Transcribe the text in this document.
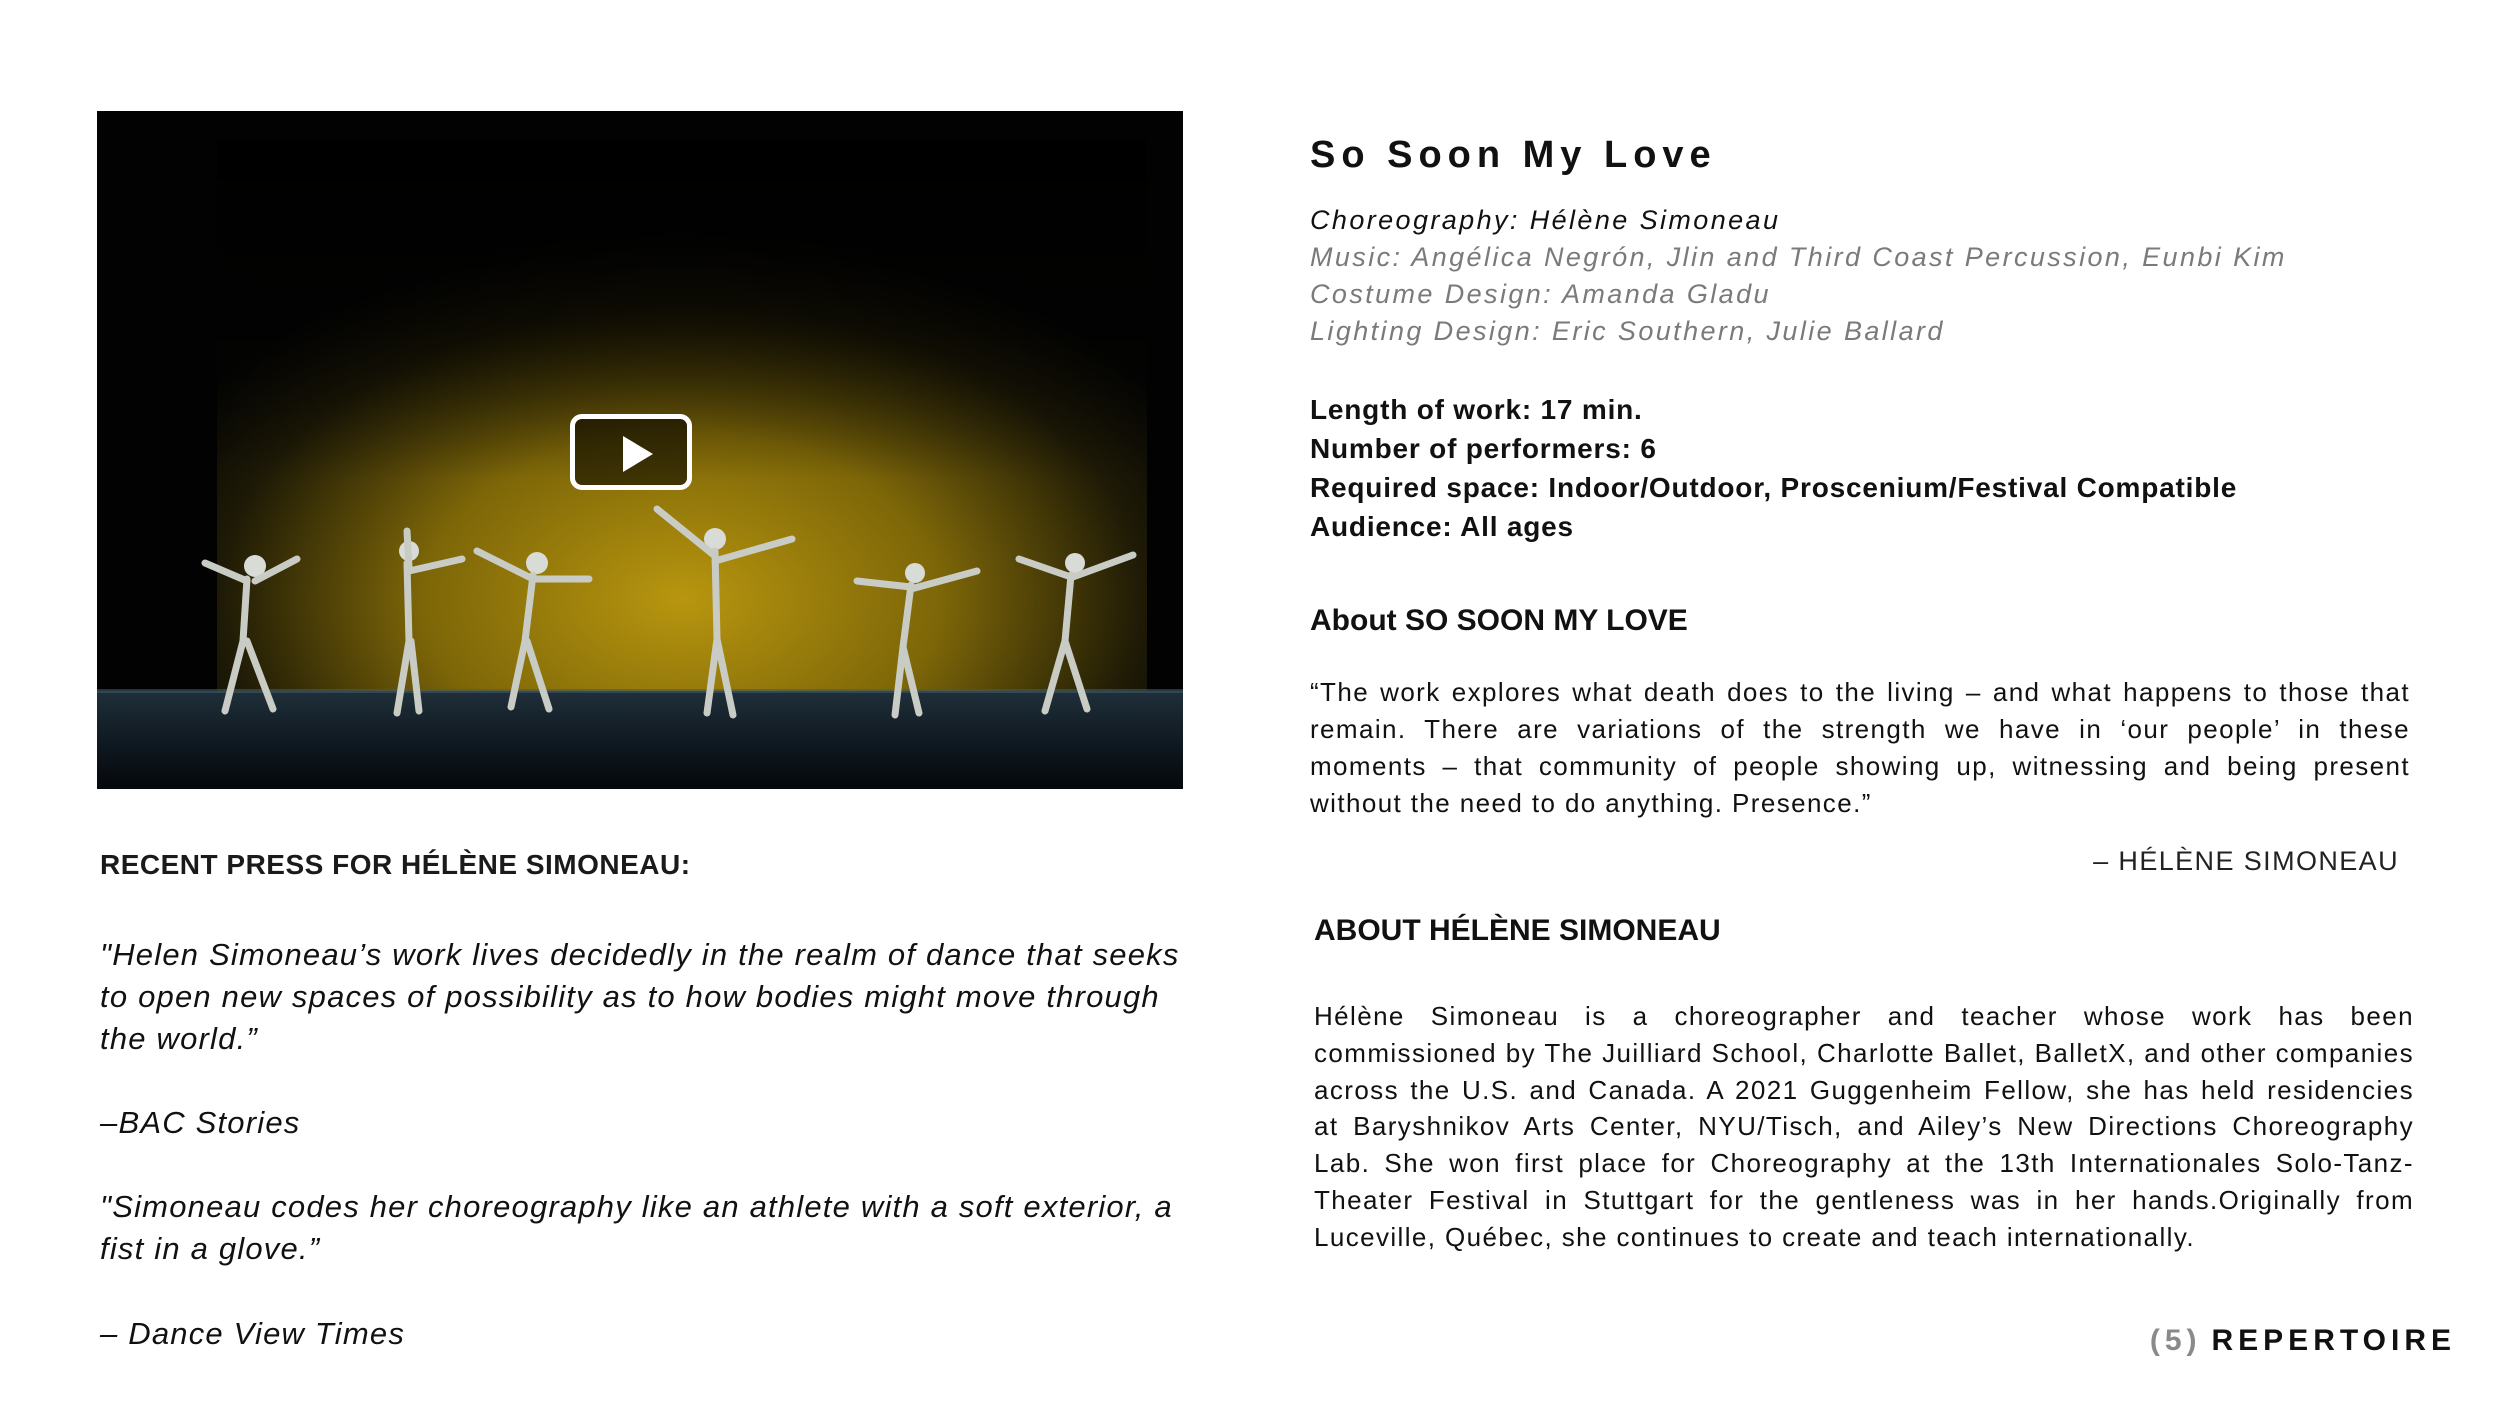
RECENT PRESS FOR HÉLÈNE SIMONEAU:
"Helen Simoneau’s work lives decidedly in the realm of dance that seeks to open new spaces of possibility as to how bodies might move through the world.”
–BAC Stories
"Simoneau codes her choreography like an athlete with a soft exterior, a fist in a glove.”
– Dance View Times
So Soon My Love
Choreography: Hélène Simoneau
Music: Angélica Negrón, Jlin and Third Coast Percussion, Eunbi Kim
Costume Design: Amanda Gladu
Lighting Design: Eric Southern, Julie Ballard
Length of work: 17 min.
Number of performers: 6
Required space: Indoor/Outdoor, Proscenium/Festival Compatible
Audience: All ages
About SO SOON MY LOVE
“The work explores what death does to the living – and what happens to those that remain. There are variations of the strength we have in ‘our people’ in these moments – that community of people showing up, witnessing and being present without the need to do anything. Presence.”
– HÉLÈNE SIMONEAU
ABOUT HÉLÈNE SIMONEAU
Hélène Simoneau is a choreographer and teacher whose work has been commissioned by The Juilliard School, Charlotte Ballet, BalletX, and other companies across the U.S. and Canada. A 2021 Guggenheim Fellow, she has held residencies at Baryshnikov Arts Center, NYU/Tisch, and Ailey’s New Directions Choreography Lab. She won first place for Choreography at the 13th Internationales Solo-Tanz-Theater Festival in Stuttgart for the gentleness was in her hands.Originally from Luceville, Québec, she continues to create and teach internationally.
(5) REPERTOIRE
